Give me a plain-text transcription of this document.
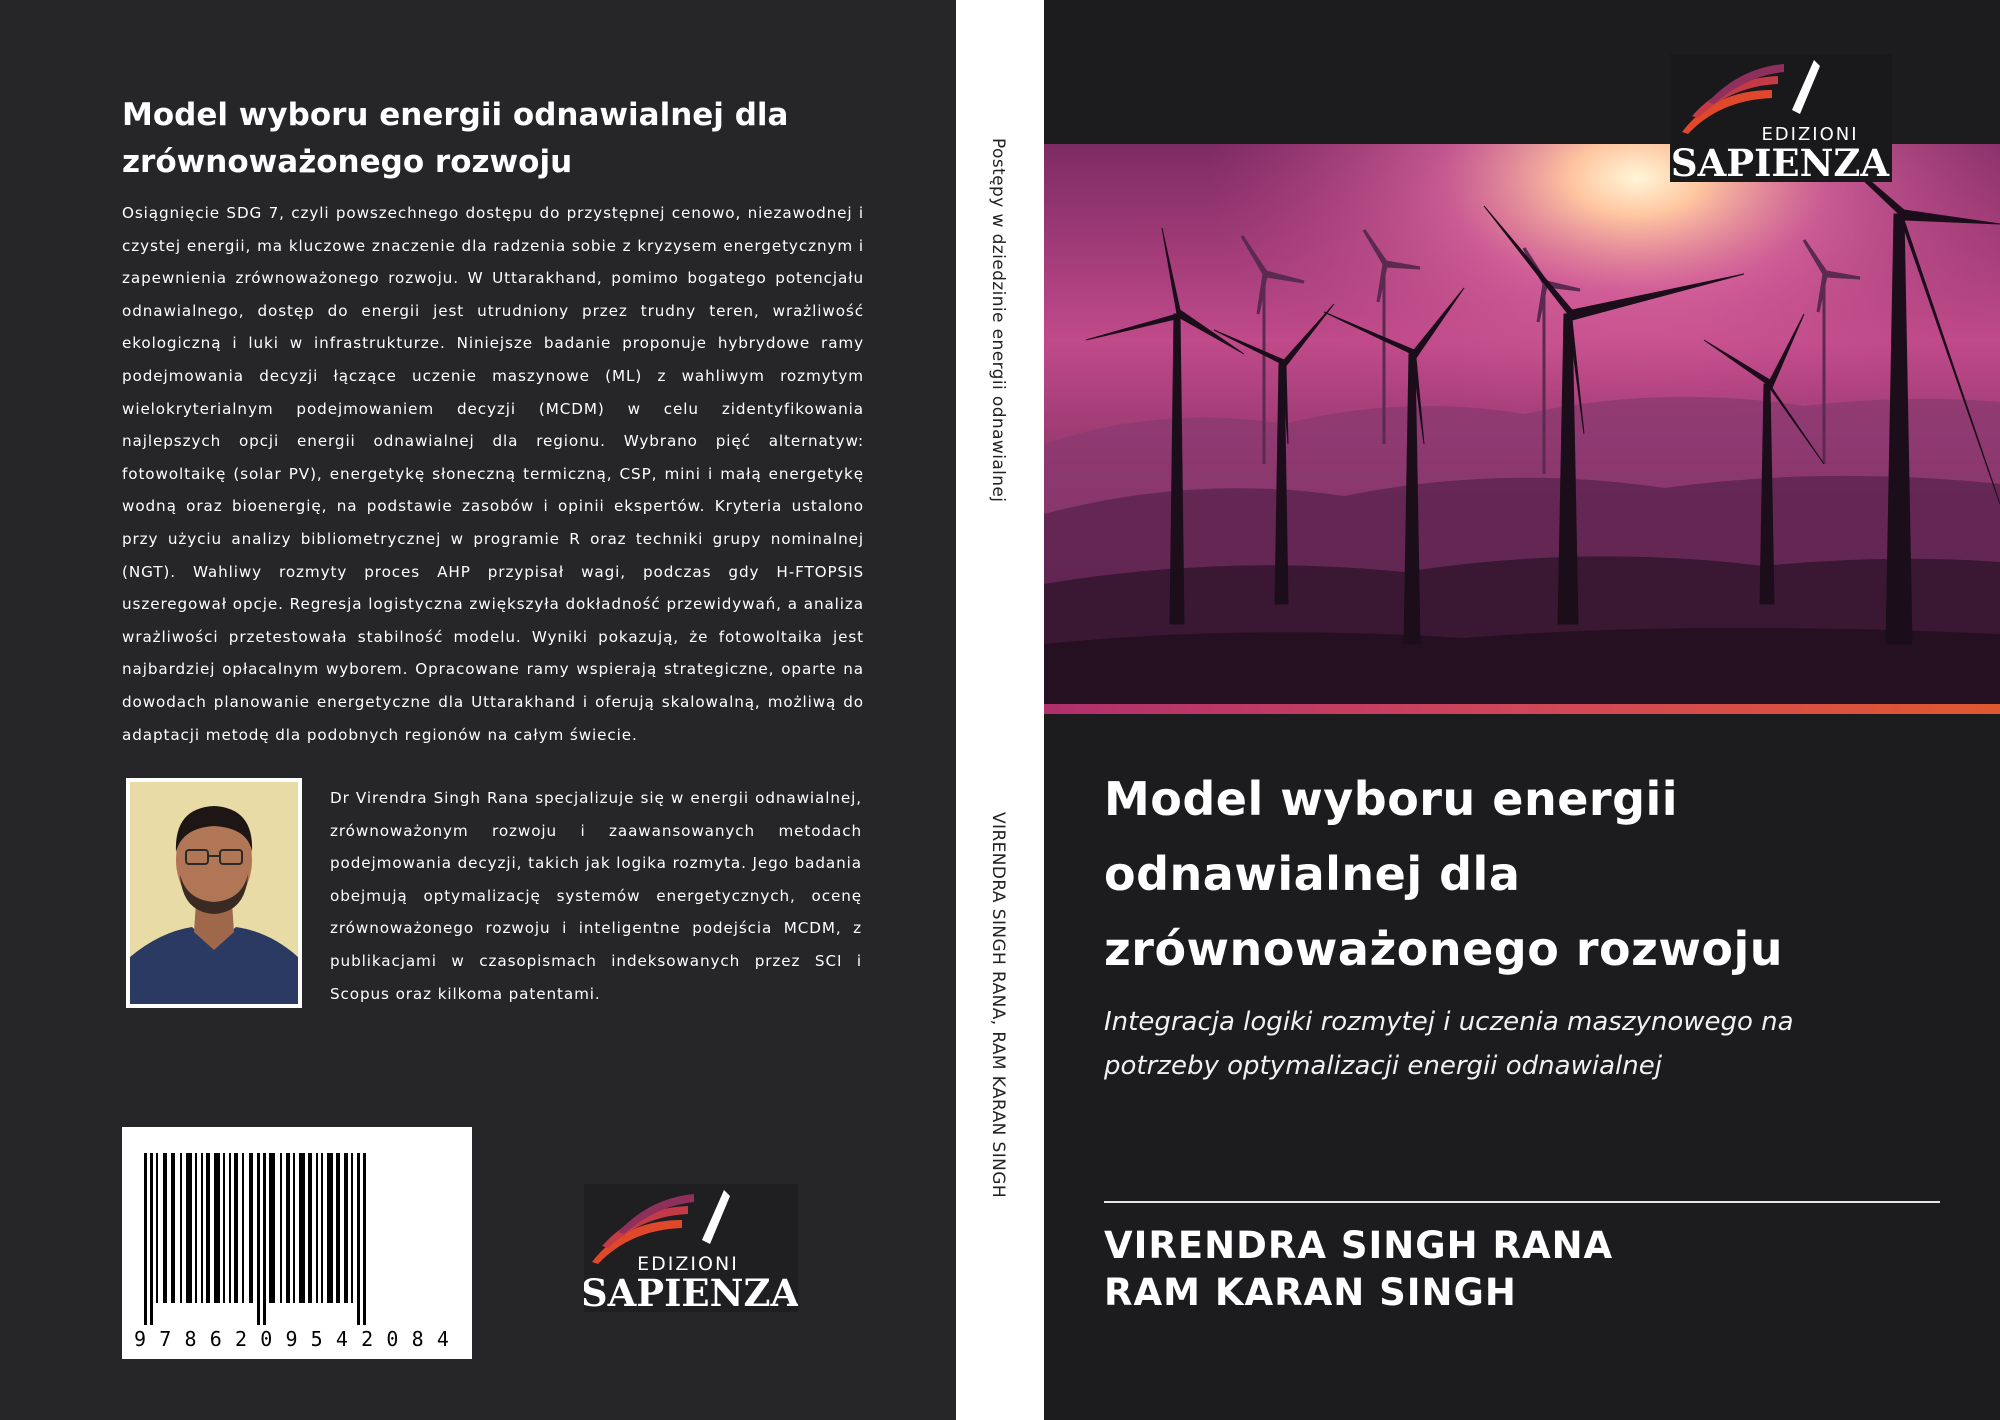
Model wyboru energii odnawialnej dla zrównoważonego rozwoju

Osiągnięcie SDG 7, czyli powszechnego dostępu do przystępnej cenowo, niezawodnej i czystej energii, ma kluczowe znaczenie dla radzenia sobie z kryzysem energetycznym i zapewnienia zrównoważonego rozwoju. W Uttarakhand, pomimo bogatego potencjału odnawialnego, dostęp do energii jest utrudniony przez trudny teren, wrażliwość ekologiczną i luki w infrastrukturze. Niniejsze badanie proponuje hybrydowe ramy podejmowania decyzji łączące uczenie maszynowe (ML) z wahliwym rozmytym wielokryterialnym podejmowaniem decyzji (MCDM) w celu zidentyfikowania najlepszych opcji energii odnawialnej dla regionu. Wybrano pięć alternatyw: fotowoltaikę (solar PV), energetykę słoneczną termiczną, CSP, mini i małą energetykę wodną oraz bioenergię, na podstawie zasobów i opinii ekspertów. Kryteria ustalono przy użyciu analizy bibliometrycznej w programie R oraz techniki grupy nominalnej (NGT). Wahliwy rozmyty proces AHP przypisał wagi, podczas gdy H-FTOPSIS uszeregował opcje. Regresja logistyczna zwiększyła dokładność przewidywań, a analiza wrażliwości przetestowała stabilność modelu. Wyniki pokazują, że fotowoltaika jest najbardziej opłacalnym wyborem. Opracowane ramy wspierają strategiczne, oparte na dowodach planowanie energetyczne dla Uttarakhand i oferują skalowalną, możliwą do adaptacji metodę dla podobnych regionów na całym świecie.

Dr Virendra Singh Rana specjalizuje się w energii odnawialnej, zrównoważonym rozwoju i zaawansowanych metodach podejmowania decyzji, takich jak logika rozmyta. Jego badania obejmują optymalizację systemów energetycznych, ocenę zrównoważonego rozwoju i inteligentne podejścia MCDM, z publikacjami w czasopismach indeksowanych przez SCI i Scopus oraz kilkoma patentami.

9786209542084
EDIZIONI
SAPIENZA
Postępy w dziedzinie energii odnawialnej
VIRENDRA SINGH RANA, RAM KARAN SINGH
EDIZIONI
SAPIENZA
Model wyboru energii odnawialnej dla zrównoważonego rozwoju

Integracja logiki rozmytej i uczenia maszynowego na potrzeby optymalizacji energii odnawialnej

VIRENDRA SINGH RANA
RAM KARAN SINGH
